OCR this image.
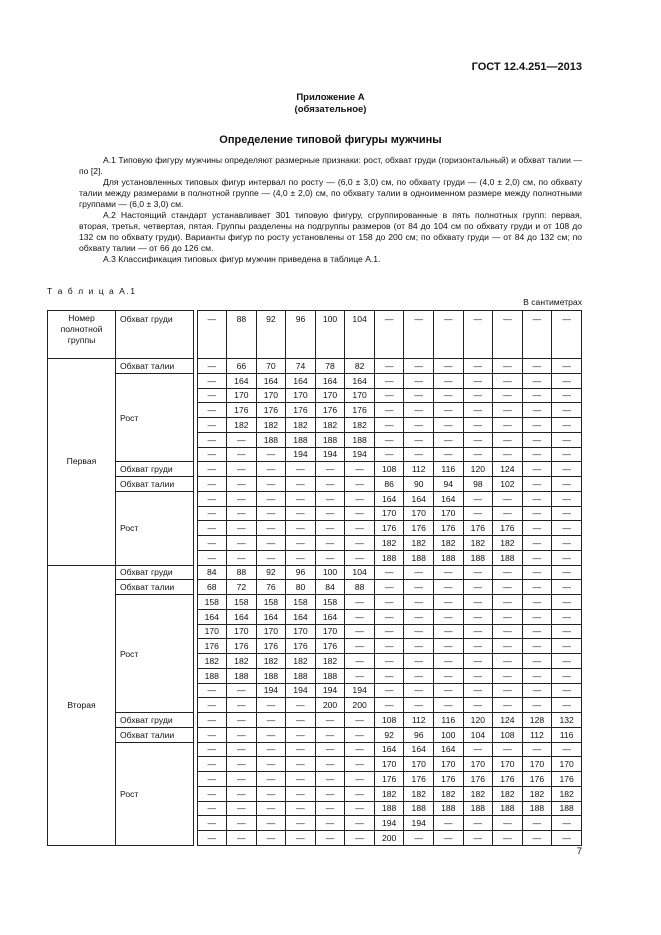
ГОСТ 12.4.251—2013
Приложение А
(обязательное)
Определение типовой фигуры мужчины

А.1 Типовую фигуру мужчины определяют размерные признаки: рост, обхват груди (горизонтальный) и обхват талии — по [2].

Для установленных типовых фигур интервал по росту — (6,0 ± 3,0) см, по обхвату груди — (4,0 ± 2,0) см, по обхвату талии между размерами в полнотной группе — (4,0 ± 2,0) см, по обхвату талии в одноименном размере между полнотными группами — (6,0 ± 3,0) см.

А.2 Настоящий стандарт устанавливает 301 типовую фигуру, сгруппированные в пять полнотных групп: первая, вторая, третья, четвертая, пятая. Группы разделены на подгруппы размеров (от 84 до 104 см по обхвату груди и от 108 до 132 см по обхвату груди). Варианты фигур по росту установлены от 158 до 200 см; по обхвату груди — от 84 до 132 см; по обхвату талии — от 66 до 126 см.

А.3 Классификация типовых фигур мужчин приведена в таблице А.1.

Т а б л и ц а А.1
В сантиметрах
Номер полнотной группы	Обхват груди		—	88	92	96	100	104	—	—	—	—	—	—	—
Первая	Обхват талии		—	66	70	74	78	82	—	—	—	—	—	—	—
	Рост		—	164	164	164	164	164	—	—	—	—	—	—	—
			—	170	170	170	170	170	—	—	—	—	—	—	—
			—	176	176	176	176	176	—	—	—	—	—	—	—
			—	182	182	182	182	182	—	—	—	—	—	—	—
			—	—	188	188	188	188	—	—	—	—	—	—	—
			—	—	—	194	194	194	—	—	—	—	—	—	—
	Обхват груди		—	—	—	—	—	—	108	112	116	120	124	—	—
	Обхват талии		—	—	—	—	—	—	86	90	94	98	102	—	—
	Рост		—	—	—	—	—	—	164	164	164	—	—	—	—
			—	—	—	—	—	—	170	170	170	—	—	—	—
			—	—	—	—	—	—	176	176	176	176	176	—	—
			—	—	—	—	—	—	182	182	182	182	182	—	—
			—	—	—	—	—	—	188	188	188	188	188	—	—
Вторая	Обхват груди		84	88	92	96	100	104	—	—	—	—	—	—	—
	Обхват талии		68	72	76	80	84	88	—	—	—	—	—	—	—
	Рост		158	158	158	158	158	—	—	—	—	—	—	—	—
			164	164	164	164	164	—	—	—	—	—	—	—	—
			170	170	170	170	170	—	—	—	—	—	—	—	—
			176	176	176	176	176	—	—	—	—	—	—	—	—
			182	182	182	182	182	—	—	—	—	—	—	—	—
			188	188	188	188	188	—	—	—	—	—	—	—	—
			—	—	194	194	194	194	—	—	—	—	—	—	—
			—	—	—	—	200	200	—	—	—	—	—	—	—
	Обхват груди		—	—	—	—	—	—	108	112	116	120	124	128	132
	Обхват талии		—	—	—	—	—	—	92	96	100	104	108	112	116
	Рост		—	—	—	—	—	—	164	164	164	—	—	—	—
			—	—	—	—	—	—	170	170	170	170	170	170	170
			—	—	—	—	—	—	176	176	176	176	176	176	176
			—	—	—	—	—	—	182	182	182	182	182	182	182
			—	—	—	—	—	—	188	188	188	188	188	188	188
			—	—	—	—	—	—	194	194	—	—	—	—	—
			—	—	—	—	—	—	200	—	—	—	—	—	—
7
